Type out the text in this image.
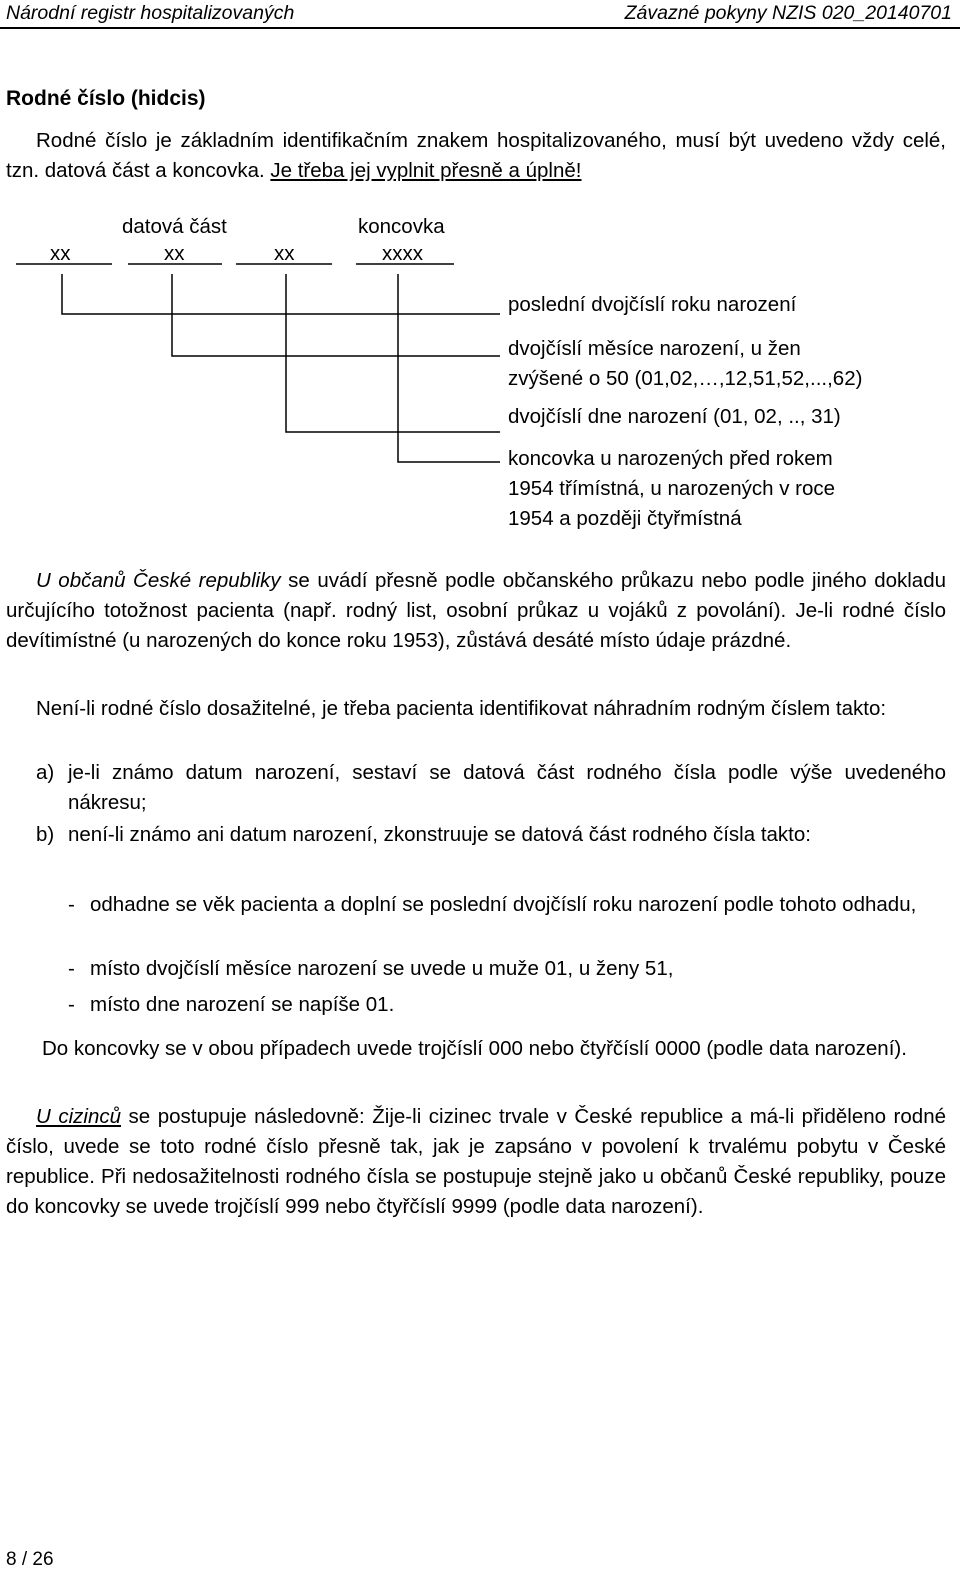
Národní registr hospitalizovaných	Závazné pokyny NZIS 020_20140701
Rodné číslo (hidcis)
Rodné číslo je základním identifikačním znakem hospitalizovaného, musí být uvedeno vždy celé, tzn. datová část a koncovka. Je třeba jej vyplnit přesně a úplně!
datová část	koncovka
xx	xx	xx	xxxx
poslední dvojčíslí roku narození
dvojčíslí měsíce narození, u žen
zvýšené o 50 (01,02,…,12,51,52,...,62)
dvojčíslí dne narození (01, 02, .., 31)
koncovka u narozených před rokem
1954 třímístná, u narozených v roce
1954 a později čtyřmístná
U občanů České republiky se uvádí přesně podle občanského průkazu nebo podle jiného dokladu určujícího totožnost pacienta (např. rodný list, osobní průkaz u vojáků z povolání). Je-li rodné číslo devítimístné (u narozených do konce roku 1953), zůstává desáté místo údaje prázdné.
Není-li rodné číslo dosažitelné, je třeba pacienta identifikovat náhradním rodným číslem takto:
a) je-li známo datum narození, sestaví se datová část rodného čísla podle výše uvedeného nákresu;
b) není-li známo ani datum narození, zkonstruuje se datová část rodného čísla takto:
- odhadne se věk pacienta a doplní se poslední dvojčíslí roku narození podle tohoto odhadu,
- místo dvojčíslí měsíce narození se uvede u muže 01, u ženy 51,
- místo dne narození se napíše 01.
Do koncovky se v obou případech uvede trojčíslí 000 nebo čtyřčíslí 0000 (podle data narození).
U cizinců se postupuje následovně: Žije-li cizinec trvale v České republice a má-li přiděleno rodné číslo, uvede se toto rodné číslo přesně tak, jak je zapsáno v povolení k trvalému pobytu v České republice. Při nedosažitelnosti rodného čísla se postupuje stejně jako u občanů České republiky, pouze do koncovky se uvede trojčíslí 999 nebo čtyřčíslí 9999 (podle data narození).
8 / 26
